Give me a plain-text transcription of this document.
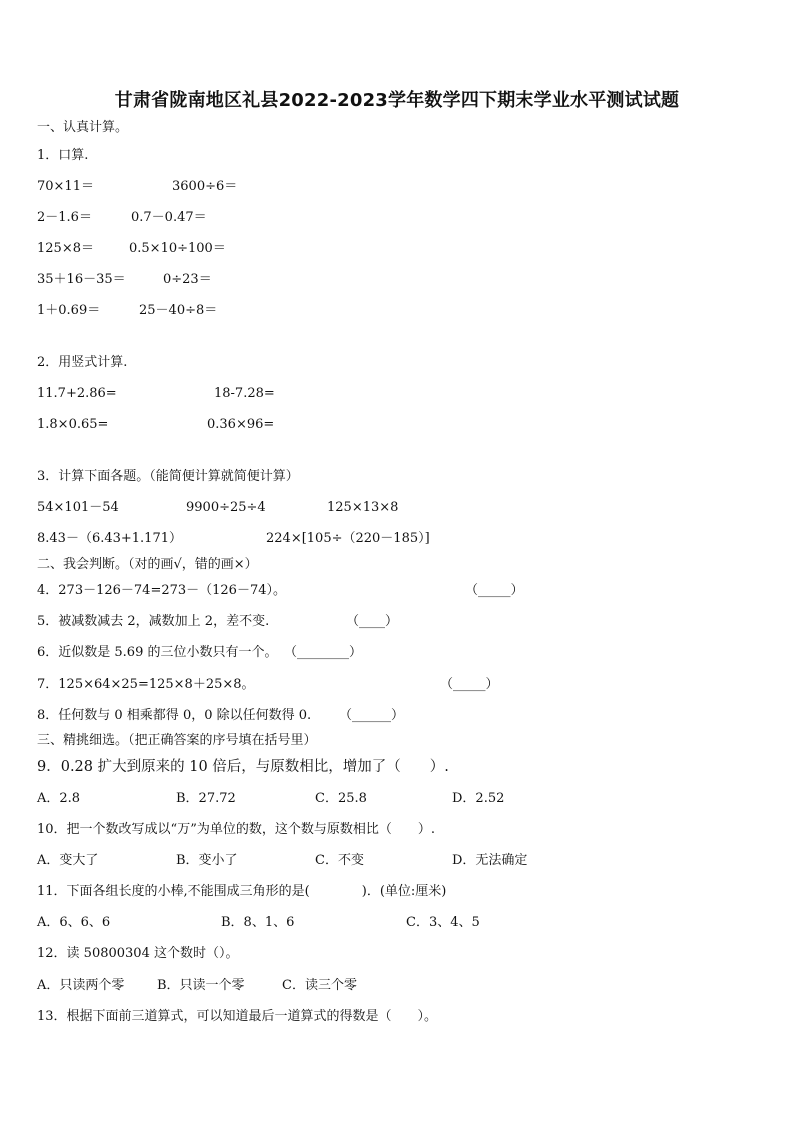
甘肃省陇南地区礼县2022-2023学年数学四下期末学业水平测试试题
一、认真计算。
1．口算.
70×11＝	3600÷6＝
2－1.6＝	0.7－0.47＝
125×8＝	0.5×10÷100＝
35＋16－35＝	0÷23＝
1＋0.69＝	25－40÷8＝
2．用竖式计算.
11.7+2.86=	18-7.28=
1.8×0.65=	0.36×96=
3．计算下面各题。（能简便计算就简便计算）
54×101－54	9900÷25÷4	125×13×8
8.43－（6.43+1.171）	224×[105÷（220－185）]
二、我会判断。（对的画√，错的画×）
4．273－126－74=273－（126－74）。	（_____）
5．被减数减去 2，减数加上 2，差不变.	（____）
6．近似数是 5.69 的三位小数只有一个。 （________）
7．125×64×25=125×8＋25×8。	（_____）
8．任何数与 0 相乘都得 0，0 除以任何数得 0. （______）
三、精挑细选。（把正确答案的序号填在括号里）
9．0.28 扩大到原来的 10 倍后，与原数相比，增加了（　　）.
A．2.8	B．27.72	C．25.8	D．2.52
10．把一个数改写成以“万”为单位的数，这个数与原数相比（　　）.
A．变大了	B．变小了	C．不变	D．无法确定
11．下面各组长度的小棒,不能围成三角形的是(　　　　)．(单位:厘米)
A．6、6、6	B．8、1、6	C．3、4、5
12．读 50800304 这个数时（）。
A．只读两个零	B．只读一个零	C．读三个零
13．根据下面前三道算式，可以知道最后一道算式的得数是（　　）。
